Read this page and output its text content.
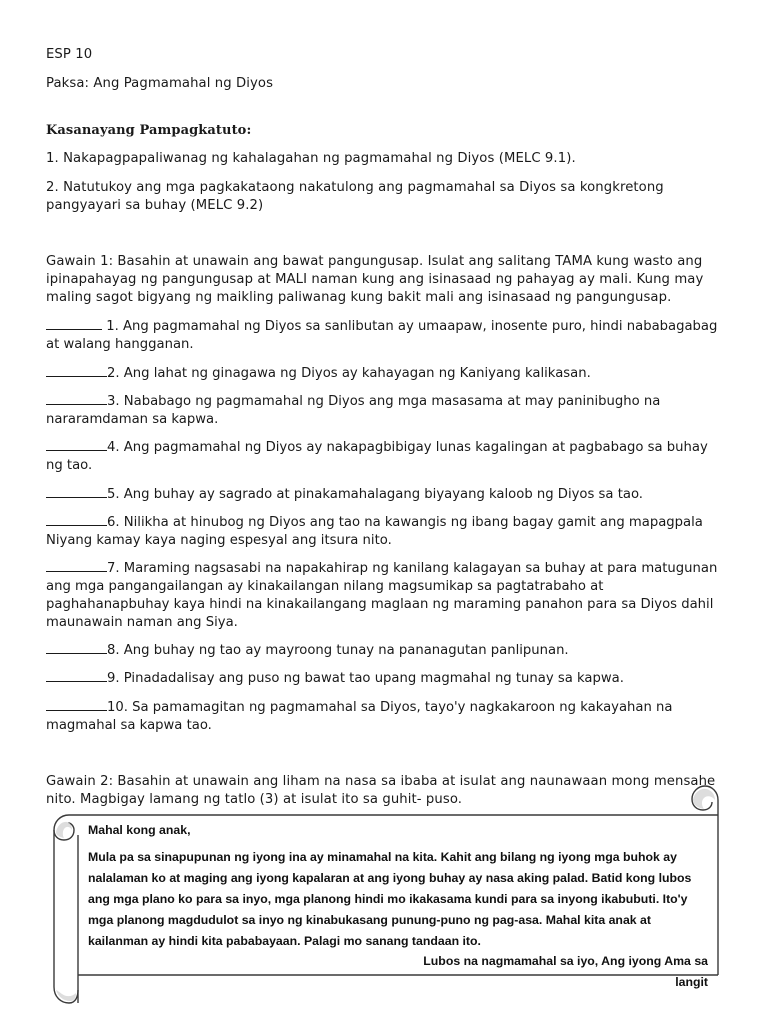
ESP 10
Paksa: Ang Pagmamahal ng Diyos
Kasanayang Pampagkatuto:
1. Nakapagpapaliwanag ng kahalagahan ng pagmamahal ng Diyos (MELC 9.1).
2. Natutukoy ang mga pagkakataong nakatulong ang pagmamahal sa Diyos sa kongkretong pangyayari sa buhay (MELC 9.2)
Gawain 1: Basahin at unawain ang bawat pangungusap. Isulat ang salitang TAMA kung wasto ang ipinapahayag ng pangungusap at MALI naman kung ang isinasaad ng pahayag ay mali. Kung may maling sagot bigyang ng maikling paliwanag kung bakit mali ang isinasaad ng pangungusap.
1. Ang pagmamahal ng Diyos sa sanlibutan ay umaapaw, inosente puro, hindi nababagabag at walang hangganan.
2. Ang lahat ng ginagawa ng Diyos ay kahayagan ng Kaniyang kalikasan.
3. Nababago ng pagmamahal ng Diyos ang mga masasama at may paninibugho na nararamdaman sa kapwa.
4. Ang pagmamahal ng Diyos ay nakapagbibigay lunas kagalingan at pagbabago sa buhay ng tao.
5. Ang buhay ay sagrado at pinakamahalagang biyayang kaloob ng Diyos sa tao.
6. Nilikha at hinubog ng Diyos ang tao na kawangis ng ibang bagay gamit ang mapagpala Niyang kamay kaya naging espesyal ang itsura nito.
7. Maraming nagsasabi na napakahirap ng kanilang kalagayan sa buhay at para matugunan ang mga pangangailangan ay kinakailangan nilang magsumikap sa pagtatrabaho at paghahanapbuhay kaya hindi na kinakailangang maglaan ng maraming panahon para sa Diyos dahil maunawain naman ang Siya.
8. Ang buhay ng tao ay mayroong tunay na pananagutan panlipunan.
9. Pinadadalisay ang puso ng bawat tao upang magmahal ng tunay sa kapwa.
10. Sa pamamagitan ng pagmamahal sa Diyos, tayo'y nagkakaroon ng kakayahan na magmahal sa kapwa tao.
Gawain 2: Basahin at unawain ang liham na nasa sa ibaba at isulat ang naunawaan mong mensahe nito. Magbigay lamang ng tatlo (3) at isulat ito sa guhit- puso.
Mahal kong anak,
Mula pa sa sinapupunan ng iyong ina ay minamahal na kita. Kahit ang bilang ng iyong mga buhok ay nalalaman ko at maging ang iyong kapalaran at ang iyong buhay ay nasa aking palad. Batid kong lubos ang mga plano ko para sa inyo, mga planong hindi mo ikakasama kundi para sa inyong ikabubuti. Ito'y mga planong magdudulot sa inyo ng kinabukasang punung-puno ng pag-asa. Mahal kita anak at kailanman ay hindi kita pababayaan. Palagi mo sanang tandaan ito.
Lubos na nagmamahal sa iyo, Ang iyong Ama sa langit
